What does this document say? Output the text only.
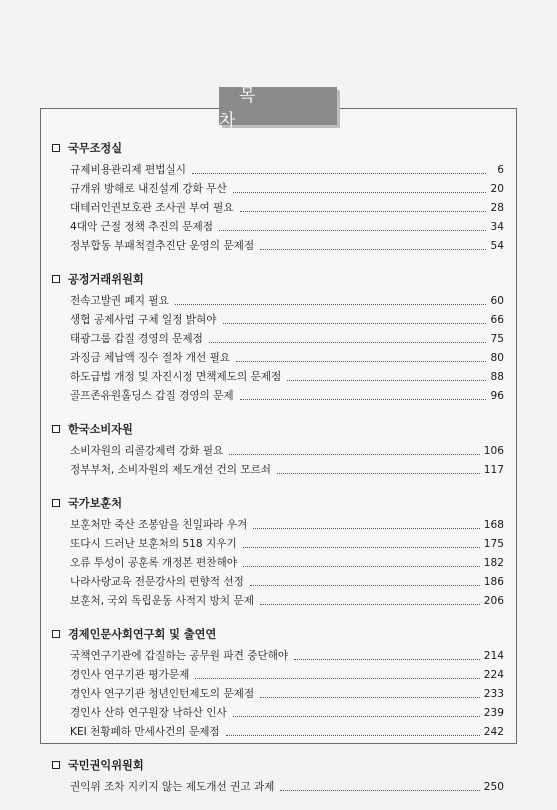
목 차
국무조정실
규제비용관리제 편법실시	6
규개위 방해로 내진설계 강화 무산	20
대테러인권보호관 조사권 부여 필요	28
4대악 근절 정책 추진의 문제점	34
정부합동 부패척결추진단 운영의 문제점	54
공정거래위원회
전속고발권 폐지 필요	60
생협 공제사업 구체 일정 밝혀야	66
태광그룹 갑질 경영의 문제점	75
과징금 체납액 징수 절차 개선 필요	80
하도급법 개정 및 자진시정 면책제도의 문제점	88
골프존유원홀딩스 갑질 경영의 문제	96
한국소비자원
소비자원의 리콜강제력 강화 필요	106
정부부처, 소비자원의 제도개선 건의 모르쇠	117
국가보훈처
보훈처만 죽산 조봉암을 친일파라 우겨	168
또다시 드러난 보훈처의 518 지우기	175
오류 투성이 공훈록 개정본 편찬해야	182
나라사랑교육 전문강사의 편향적 선정	186
보훈처, 국외 독립운동 사적지 방치 문제	206
경제인문사회연구회 및 출연연
국책연구기관에 갑질하는 공무원 파견 중단해야	214
경인사 연구기관 평가문제	224
경인사 연구기관 청년인턴제도의 문제점	233
경인사 산하 연구원장 낙하산 인사	239
KEI 천황폐하 만세사건의 문제점	242
국민권익위원회
권익위 조차 지키지 않는 제도개선 권고 과제	250
